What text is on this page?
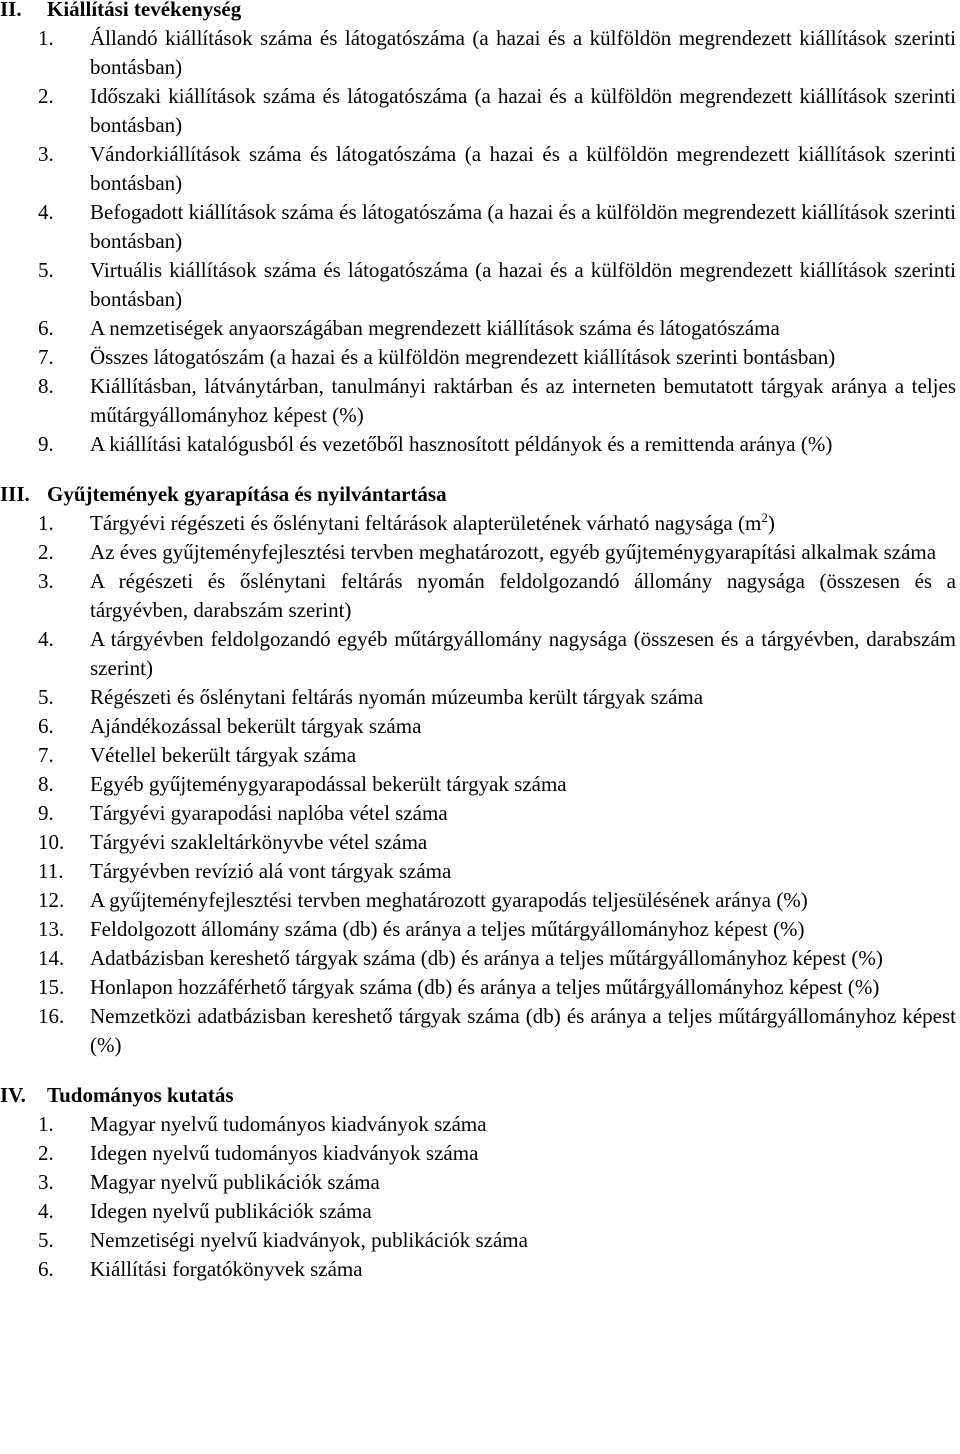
II. Kiállítási tevékenység
1. Állandó kiállítások száma és látogatószáma (a hazai és a külföldön megrendezett kiállítások szerinti bontásban)
2. Időszaki kiállítások száma és látogatószáma (a hazai és a külföldön megrendezett kiállítások szerinti bontásban)
3. Vándorkiállítások száma és látogatószáma (a hazai és a külföldön megrendezett kiállítások szerinti bontásban)
4. Befogadott kiállítások száma és látogatószáma (a hazai és a külföldön megrendezett kiállítások szerinti bontásban)
5. Virtuális kiállítások száma és látogatószáma (a hazai és a külföldön megrendezett kiállítások szerinti bontásban)
6. A nemzetiségek anyaországában megrendezett kiállítások száma és látogatószáma
7. Összes látogatószám (a hazai és a külföldön megrendezett kiállítások szerinti bontásban)
8. Kiállításban, látványtárban, tanulmányi raktárban és az interneten bemutatott tárgyak aránya a teljes műtárgyállományhoz képest (%)
9. A kiállítási katalógusból és vezetőből hasznosított példányok és a remittenda aránya (%)
III. Gyűjtemények gyarapítása és nyilvántartása
1. Tárgyévi régészeti és őslénytani feltárások alapterületének várható nagysága $(m^2)$
2. Az éves gyűjteményfejlesztési tervben meghatározott, egyéb gyűjteménygyarapítási alkalmak száma
3. A régészeti és őslénytani feltárás nyomán feldolgozandó állomány nagysága (összesen és a tárgyévben, darabszám szerint)
4. A tárgyévben feldolgozandó egyéb műtárgyállomány nagysága (összesen és a tárgyévben, darabszám szerint)
5. Régészeti és őslénytani feltárás nyomán múzeumba került tárgyak száma
6. Ajándékozással bekerült tárgyak száma
7. Vétellel bekerült tárgyak száma
8. Egyéb gyűjteménygyarapodással bekerült tárgyak száma
9. Tárgyévi gyarapodási naplóba vétel száma
10. Tárgyévi szakleltárkönyvbe vétel száma
11. Tárgyévben revízió alá vont tárgyak száma
12. A gyűjteményfejlesztési tervben meghatározott gyarapodás teljesülésének aránya (%)
13. Feldolgozott állomány száma (db) és aránya a teljes műtárgyállományhoz képest (%)
14. Adatbázisban kereshető tárgyak száma (db) és aránya a teljes műtárgyállományhoz képest (%)
15. Honlapon hozzáférhető tárgyak száma (db) és aránya a teljes műtárgyállományhoz képest (%)
16. Nemzetközi adatbázisban kereshető tárgyak száma (db) és aránya a teljes műtárgyállományhoz képest (%)
IV. Tudományos kutatás
1. Magyar nyelvű tudományos kiadványok száma
2. Idegen nyelvű tudományos kiadványok száma
3. Magyar nyelvű publikációk száma
4. Idegen nyelvű publikációk száma
5. Nemzetiségi nyelvű kiadványok, publikációk száma
6. Kiállítási forgatókönyvek száma
